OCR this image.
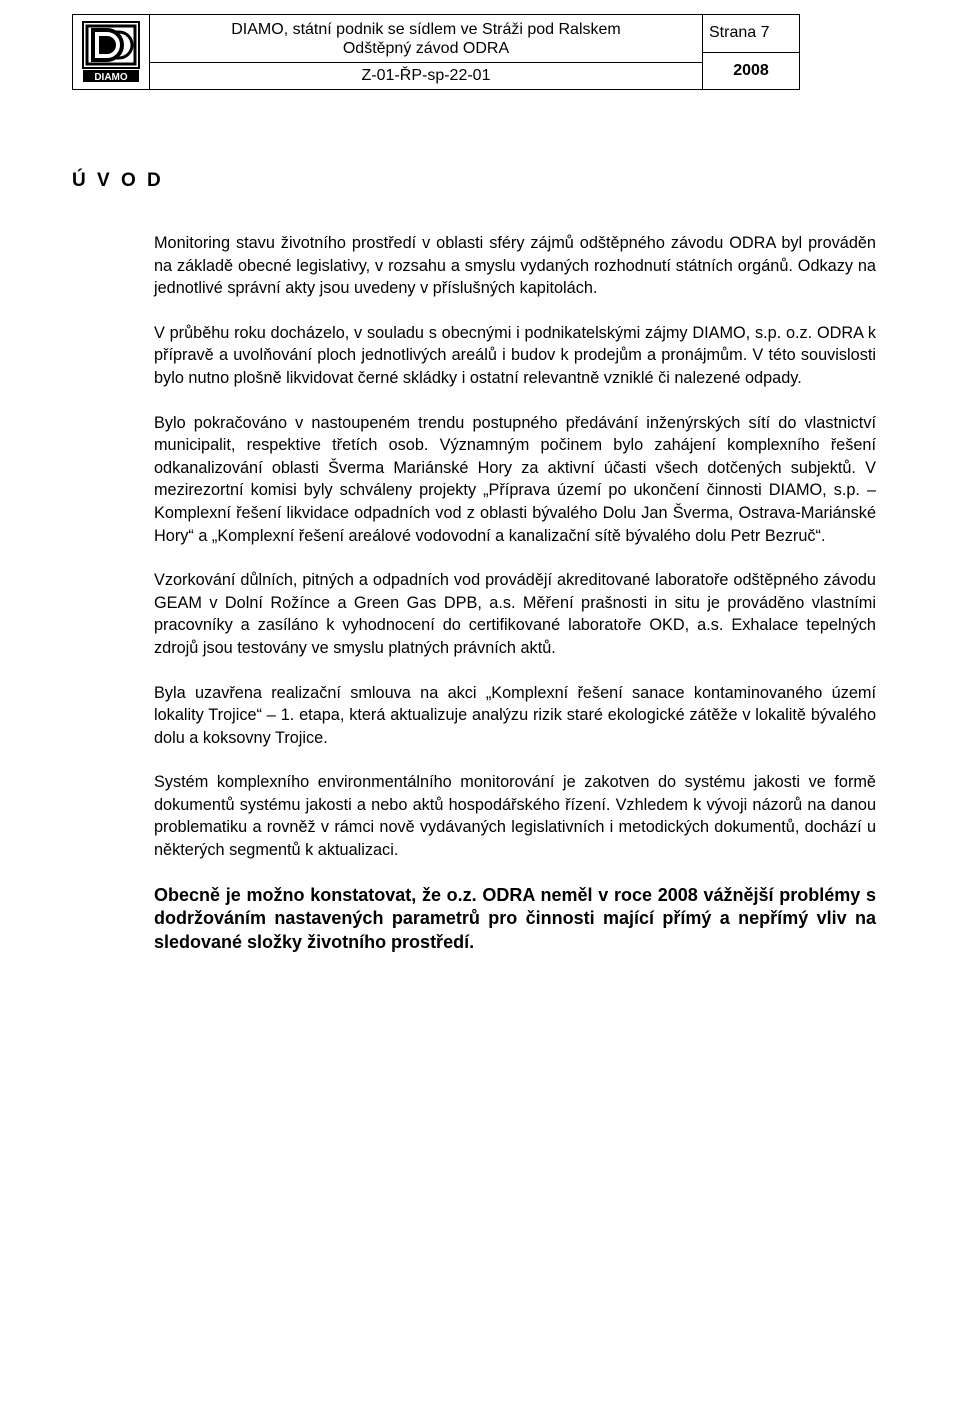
DIAMO
DIAMO, státní podnik se sídlem ve Stráži pod Ralskem
Odštěpný závod ODRA
Z-01-ŘP-sp-22-01
Strana 7
2008
Ú V O D

Monitoring stavu životního prostředí v oblasti sféry zájmů odštěpného závodu ODRA byl prováděn na základě obecné legislativy, v rozsahu a smyslu vydaných rozhodnutí státních orgánů. Odkazy na jednotlivé správní akty jsou uvedeny v příslušných kapitolách.

V průběhu roku docházelo, v souladu s obecnými i podnikatelskými zájmy DIAMO, s.p. o.z. ODRA k přípravě a uvolňování ploch jednotlivých areálů i budov k prodejům a pronájmům. V této souvislosti bylo nutno plošně likvidovat černé skládky i ostatní relevantně vzniklé či nalezené odpady.

Bylo pokračováno v nastoupeném trendu postupného předávání inženýrských sítí do vlastnictví municipalit, respektive třetích osob. Významným počinem bylo zahájení komplexního řešení odkanalizování oblasti Šverma Mariánské Hory za aktivní účasti všech dotčených subjektů. V mezirezortní komisi byly schváleny projekty „Příprava území po ukončení činnosti DIAMO, s.p. – Komplexní řešení likvidace odpadních vod z oblasti bývalého Dolu Jan Šverma, Ostrava-Mariánské Hory“ a „Komplexní řešení areálové vodovodní a kanalizační sítě bývalého dolu Petr Bezruč“.

Vzorkování důlních, pitných a odpadních vod provádějí akreditované laboratoře odštěpného závodu GEAM v Dolní Rožínce a Green Gas DPB, a.s. Měření prašnosti in situ je prováděno vlastními pracovníky a zasíláno k vyhodnocení do certifikované laboratoře OKD, a.s. Exhalace tepelných zdrojů jsou testovány ve smyslu platných právních aktů.

Byla uzavřena realizační smlouva na akci „Komplexní řešení sanace kontaminovaného území lokality Trojice“ – 1. etapa, která aktualizuje analýzu rizik staré ekologické zátěže v lokalitě bývalého dolu a koksovny Trojice.

Systém komplexního environmentálního monitorování je zakotven do systému jakosti ve formě dokumentů systému jakosti a nebo aktů hospodářského řízení. Vzhledem k vývoji názorů na danou problematiku a rovněž v rámci nově vydávaných legislativních i metodických dokumentů, dochází u některých segmentů k aktualizaci.

Obecně je možno konstatovat, že o.z. ODRA neměl v roce 2008 vážnější problémy s dodržováním nastavených parametrů pro činnosti mající přímý a nepřímý vliv na sledované složky životního prostředí.
